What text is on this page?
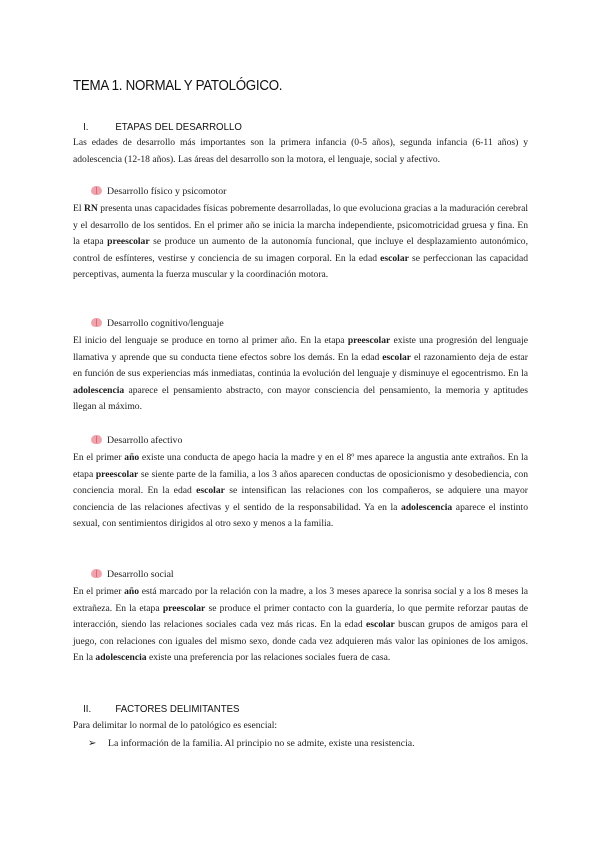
TEMA 1. NORMAL Y PATOLÓGICO.
I.	ETAPAS DEL DESARROLLO
Las edades de desarrollo más importantes son la primera infancia (0-5 años), segunda infancia (6-11 años) y adolescencia (12-18 años). Las áreas del desarrollo son la motora, el lenguaje, social y afectivo.
Desarrollo físico y psicomotor
El RN presenta unas capacidades físicas pobremente desarrolladas, lo que evoluciona gracias a la maduración cerebral y el desarrollo de los sentidos. En el primer año se inicia la marcha independiente, psicomotricidad gruesa y fina. En la etapa preescolar se produce un aumento de la autonomía funcional, que incluye el desplazamiento autonómico, control de esfínteres, vestirse y conciencia de su imagen corporal. En la edad escolar se perfeccionan las capacidad perceptivas, aumenta la fuerza muscular y la coordinación motora.
Desarrollo cognitivo/lenguaje
El inicio del lenguaje se produce en torno al primer año. En la etapa preescolar existe una progresión del lenguaje llamativa y aprende que su conducta tiene efectos sobre los demás. En la edad escolar el razonamiento deja de estar en función de sus experiencias más inmediatas, continúa la evolución del lenguaje y disminuye el egocentrismo. En la adolescencia aparece el pensamiento abstracto, con mayor consciencia del pensamiento, la memoria y aptitudes llegan al máximo.
Desarrollo afectivo
En el primer año existe una conducta de apego hacia la madre y en el 8º mes aparece la angustia ante extraños. En la etapa preescolar se siente parte de la familia, a los 3 años aparecen conductas de oposicionismo y desobediencia, con conciencia moral. En la edad escolar se intensifican las relaciones con los compañeros, se adquiere una mayor conciencia de las relaciones afectivas y el sentido de la responsabilidad. Ya en la adolescencia aparece el instinto sexual, con sentimientos dirigidos al otro sexo y menos a la familia.
Desarrollo social
En el primer año está marcado por la relación con la madre, a los 3 meses aparece la sonrisa social y a los 8 meses la extrañeza. En la etapa preescolar se produce el primer contacto con la guardería, lo que permite reforzar pautas de interacción, siendo las relaciones sociales cada vez más ricas. En la edad escolar buscan grupos de amigos para el juego, con relaciones con iguales del mismo sexo, donde cada vez adquieren más valor las opiniones de los amigos. En la adolescencia existe una preferencia por las relaciones sociales fuera de casa.
II. FACTORES DELIMITANTES
Para delimitar lo normal de lo patológico es esencial:
➢ La información de la familia. Al principio no se admite, existe una resistencia.
